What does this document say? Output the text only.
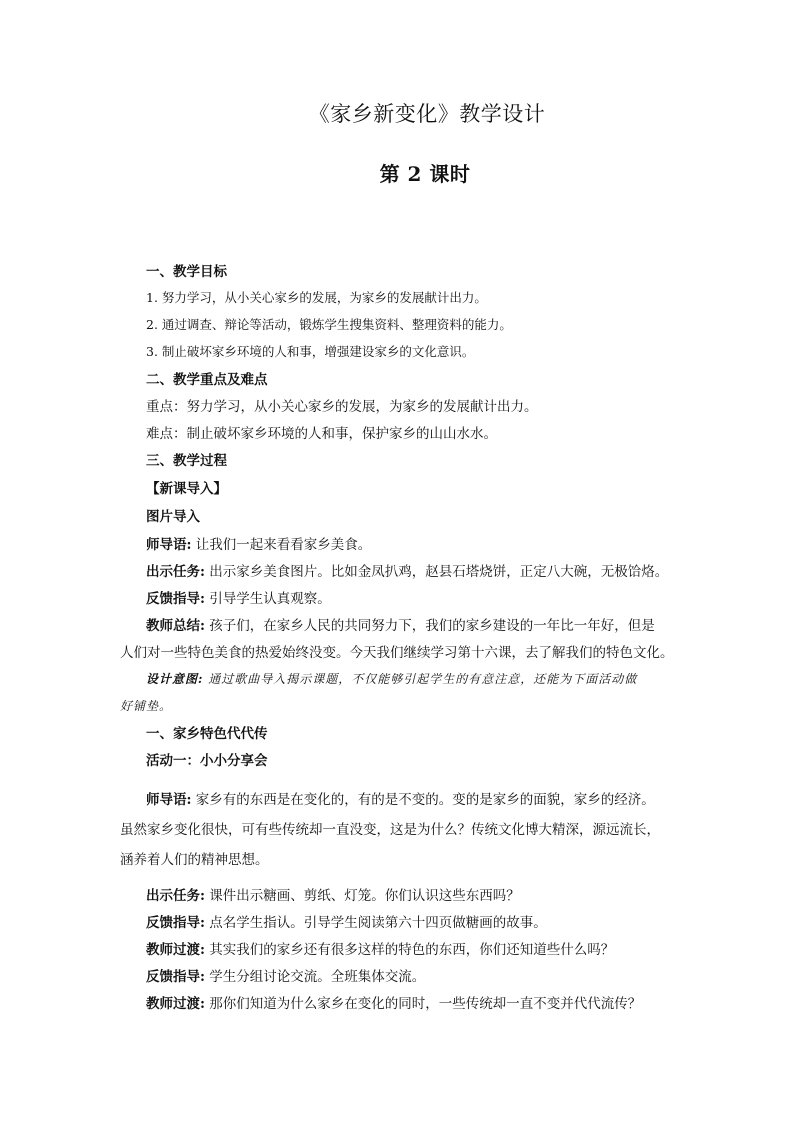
《家乡新变化》教学设计
第 2 课时
一、教学目标
1. 努力学习，从小关心家乡的发展，为家乡的发展献计出力。
2. 通过调查、辩论等活动，锻炼学生搜集资料、整理资料的能力。
3. 制止破坏家乡环境的人和事，增强建设家乡的文化意识。
二、教学重点及难点
重点：努力学习，从小关心家乡的发展，为家乡的发展献计出力。
难点：制止破坏家乡环境的人和事，保护家乡的山山水水。
三、教学过程
【新课导入】
图片导入
师导语: 让我们一起来看看家乡美食。
出示任务: 出示家乡美食图片。比如金凤扒鸡，赵县石塔烧饼，正定八大碗，无极饸烙。
反馈指导: 引导学生认真观察。
教师总结: 孩子们，在家乡人民的共同努力下，我们的家乡建设的一年比一年好，但是
人们对一些特色美食的热爱始终没变。今天我们继续学习第十六课，去了解我们的特色文化。
设计意图: 通过歌曲导入揭示课题，不仅能够引起学生的有意注意，还能为下面活动做
好铺垫。
一、家乡特色代代传
活动一：小小分享会
师导语: 家乡有的东西是在变化的，有的是不变的。变的是家乡的面貌，家乡的经济。
虽然家乡变化很快，可有些传统却一直没变，这是为什么？传统文化博大精深，源远流长，
涵养着人们的精神思想。
出示任务: 课件出示糖画、剪纸、灯笼。你们认识这些东西吗？
反馈指导: 点名学生指认。引导学生阅读第六十四页做糖画的故事。
教师过渡: 其实我们的家乡还有很多这样的特色的东西，你们还知道些什么吗？
反馈指导: 学生分组讨论交流。全班集体交流。
教师过渡: 那你们知道为什么家乡在变化的同时，一些传统却一直不变并代代流传？
